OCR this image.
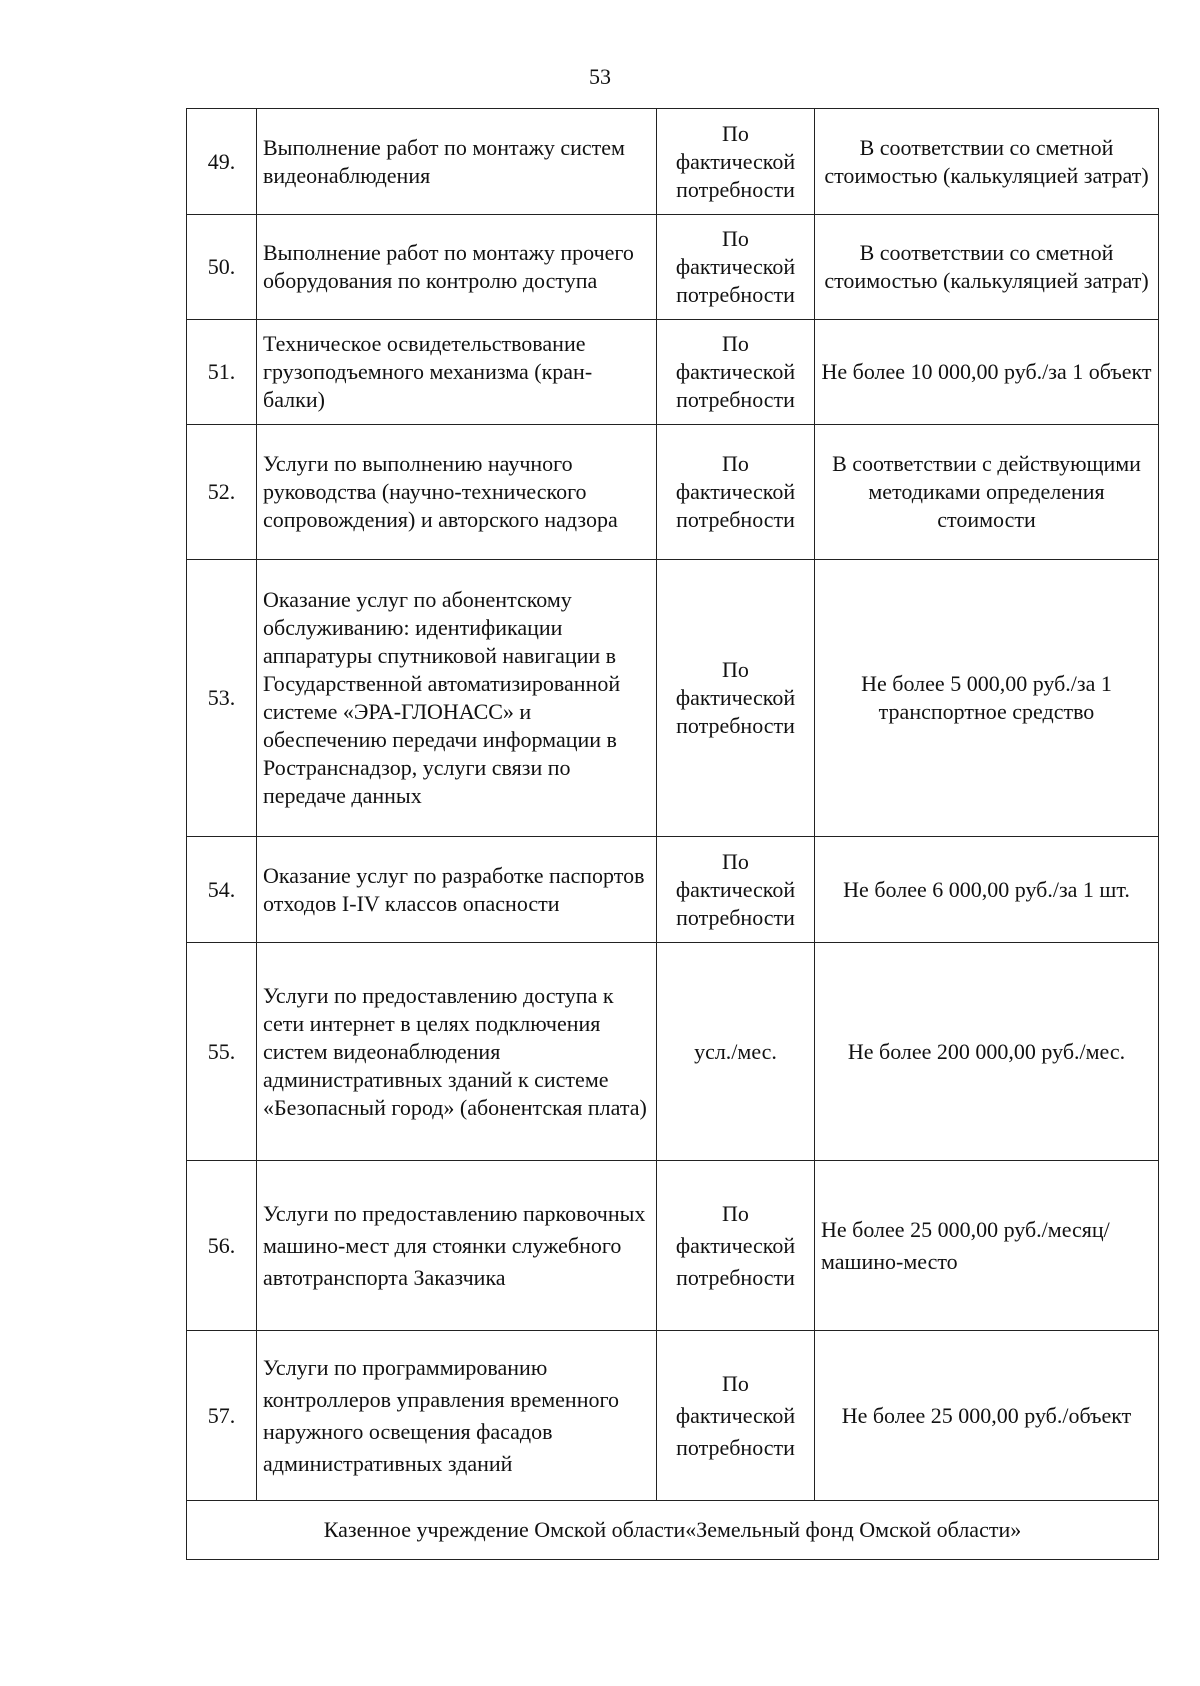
53
49.	Выполнение работ по монтажу систем видеонаблюдения	По фактической потребности	В соответствии со сметной стоимостью (калькуляцией затрат)
50.	Выполнение работ по монтажу прочего оборудования по контролю доступа	По фактической потребности	В соответствии со сметной стоимостью (калькуляцией затрат)
51.	Техническое освидетельствование грузоподъемного механизма (кран-балки)	По фактической потребности	Не более 10 000,00 руб./за 1 объект
52.	Услуги по выполнению научного руководства (научно-технического сопровождения) и авторского надзора	По фактической потребности	В соответствии с действующими методиками определения стоимости
53.	Оказание услуг по абонентскому обслуживанию: идентификации аппаратуры спутниковой навигации в Государственной автоматизированной системе «ЭРА-ГЛОНАСС» и обеспечению передачи информации в Ространснадзор, услуги связи по передаче данных	По фактической потребности	Не более 5 000,00 руб./за 1 транспортное средство
54.	Оказание услуг по разработке паспортов отходов I-IV классов опасности	По фактической потребности	Не более 6 000,00 руб./за 1 шт.
55.	Услуги по предоставлению доступа к сети интернет в целях подключения систем видеонаблюдения административных зданий к системе «Безопасный город» (абонентская плата)	усл./мес.	Не более 200 000,00 руб./мес.
56.	Услуги по предоставлению парковочных машино-мест для стоянки служебного автотранспорта Заказчика	По фактической потребности	Не более 25 000,00 руб./месяц/машино-место
57.	Услуги по программированию контроллеров управления временного наружного освещения фасадов административных зданий	По фактической потребности	Не более 25 000,00 руб./объект
Казенное учреждение Омской области«Земельный фонд Омской области»			
